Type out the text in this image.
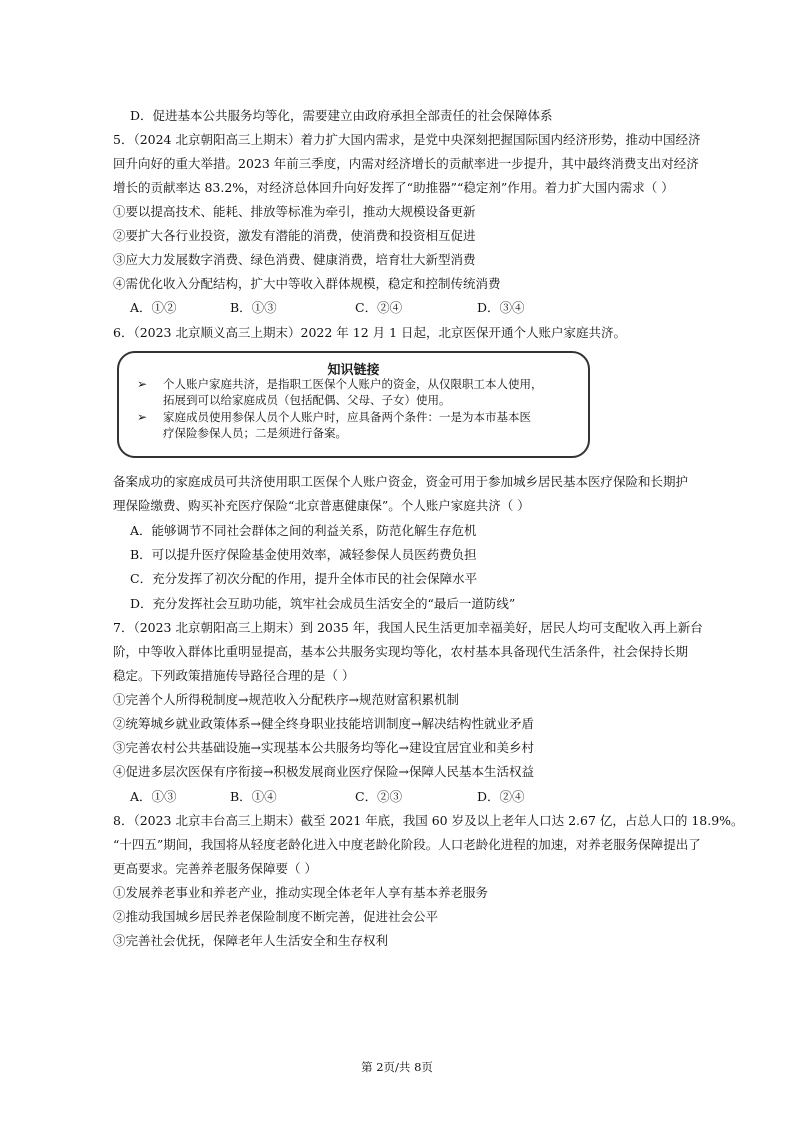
D．促进基本公共服务均等化，需要建立由政府承担全部责任的社会保障体系
5．（2024 北京朝阳高三上期末）着力扩大国内需求，是党中央深刻把握国际国内经济形势，推动中国经济
回升向好的重大举措。2023 年前三季度，内需对经济增长的贡献率进一步提升，其中最终消费支出对经济
增长的贡献率达 83.2%，对经济总体回升向好发挥了“助推器”“稳定剂”作用。着力扩大国内需求（ ）
①要以提高技术、能耗、排放等标准为牵引，推动大规模设备更新
②要扩大各行业投资，激发有潜能的消费，使消费和投资相互促进
③应大力发展数字消费、绿色消费、健康消费，培育壮大新型消费
④需优化收入分配结构，扩大中等收入群体规模，稳定和控制传统消费
A．①②	B．①③	C．②④	D．③④
6．（2023 北京顺义高三上期末）2022 年 12 月 1 日起，北京医保开通个人账户家庭共济。
知识链接
➢ 个人账户家庭共济，是指职工医保个人账户的资金，从仅限职工本人使用，
拓展到可以给家庭成员（包括配偶、父母、子女）使用。
➢ 家庭成员使用参保人员个人账户时，应具备两个条件：一是为本市基本医
疗保险参保人员；二是须进行备案。
备案成功的家庭成员可共济使用职工医保个人账户资金，资金可用于参加城乡居民基本医疗保险和长期护
理保险缴费、购买补充医疗保险“北京普惠健康保”。个人账户家庭共济（ ）
A．能够调节不同社会群体之间的利益关系，防范化解生存危机
B．可以提升医疗保险基金使用效率，减轻参保人员医药费负担
C．充分发挥了初次分配的作用，提升全体市民的社会保障水平
D．充分发挥社会互助功能，筑牢社会成员生活安全的“最后一道防线”
7．（2023 北京朝阳高三上期末）到 2035 年，我国人民生活更加幸福美好，居民人均可支配收入再上新台
阶，中等收入群体比重明显提高，基本公共服务实现均等化，农村基本具备现代生活条件，社会保持长期
稳定。下列政策措施传导路径合理的是（ ）
①完善个人所得税制度→规范收入分配秩序→规范财富积累机制
②统筹城乡就业政策体系→健全终身职业技能培训制度→解决结构性就业矛盾
③完善农村公共基础设施→实现基本公共服务均等化→建设宜居宜业和美乡村
④促进多层次医保有序衔接→积极发展商业医疗保险→保障人民基本生活权益
A．①③	B．①④	C．②③	D．②④
8．（2023 北京丰台高三上期末）截至 2021 年底，我国 60 岁及以上老年人口达 2.67 亿，占总人口的 18.9%。
“十四五”期间，我国将从轻度老龄化进入中度老龄化阶段。人口老龄化进程的加速，对养老服务保障提出了
更高要求。完善养老服务保障要（ ）
①发展养老事业和养老产业，推动实现全体老年人享有基本养老服务
②推动我国城乡居民养老保险制度不断完善，促进社会公平
③完善社会优抚，保障老年人生活安全和生存权利
第 2页/共 8页
